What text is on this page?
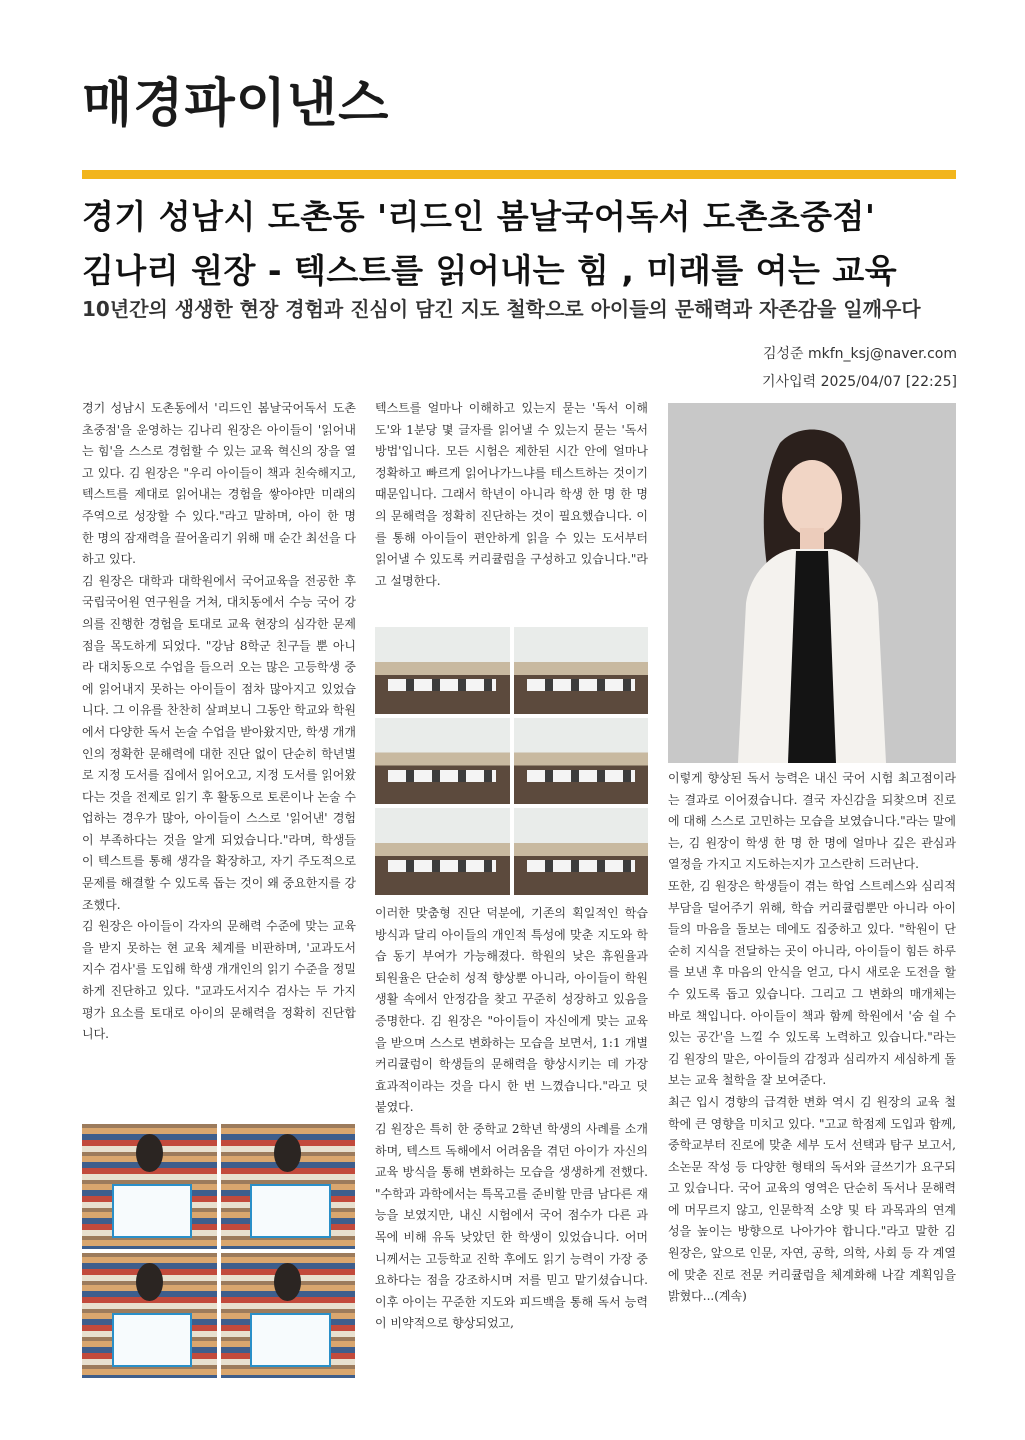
매경파이낸스
경기 성남시 도촌동 '리드인 봄날국어독서 도촌초중점'
김나리 원장 - 텍스트를 읽어내는 힘 , 미래를 여는 교육
10년간의 생생한 현장 경험과 진심이 담긴 지도 철학으로 아이들의 문해력과 자존감을 일깨우다
김성준 mkfn_ksj@naver.com
기사입력 2025/04/07 [22:25]

경기 성남시 도촌동에서 '리드인 봄날국어독서 도촌초중점'을 운영하는 김나리 원장은 아이들이 '읽어내는 힘'을 스스로 경험할 수 있는 교육 혁신의 장을 열고 있다. 김 원장은 "우리 아이들이 책과 친숙해지고, 텍스트를 제대로 읽어내는 경험을 쌓아야만 미래의 주역으로 성장할 수 있다."라고 말하며, 아이 한 명 한 명의 잠재력을 끌어올리기 위해 매 순간 최선을 다하고 있다.

김 원장은 대학과 대학원에서 국어교육을 전공한 후 국립국어원 연구원을 거쳐, 대치동에서 수능 국어 강의를 진행한 경험을 토대로 교육 현장의 심각한 문제점을 목도하게 되었다. "강남 8학군 친구들 뿐 아니라 대치동으로 수업을 들으러 오는 많은 고등학생 중에 읽어내지 못하는 아이들이 점차 많아지고 있었습니다. 그 이유를 찬찬히 살펴보니 그동안 학교와 학원에서 다양한 독서 논술 수업을 받아왔지만, 학생 개개인의 정확한 문해력에 대한 진단 없이 단순히 학년별로 지정 도서를 집에서 읽어오고, 지정 도서를 읽어왔다는 것을 전제로 읽기 후 활동으로 토론이나 논술 수업하는 경우가 많아, 아이들이 스스로 '읽어낸' 경험이 부족하다는 것을 알게 되었습니다."라며, 학생들이 텍스트를 통해 생각을 확장하고, 자기 주도적으로 문제를 해결할 수 있도록 돕는 것이 왜 중요한지를 강조했다.

김 원장은 아이들이 각자의 문해력 수준에 맞는 교육을 받지 못하는 현 교육 체계를 비판하며, '교과도서지수 검사'를 도입해 학생 개개인의 읽기 수준을 정밀하게 진단하고 있다. "교과도서지수 검사는 두 가지 평가 요소를 토대로 아이의 문해력을 정확히 진단합니다.

텍스트를 얼마나 이해하고 있는지 묻는 '독서 이해도'와 1분당 몇 글자를 읽어낼 수 있는지 묻는 '독서 방법'입니다. 모든 시험은 제한된 시간 안에 얼마나 정확하고 빠르게 읽어나가느냐를 테스트하는 것이기 때문입니다. 그래서 학년이 아니라 학생 한 명 한 명의 문해력을 정확히 진단하는 것이 필요했습니다. 이를 통해 아이들이 편안하게 읽을 수 있는 도서부터 읽어낼 수 있도록 커리큘럼을 구성하고 있습니다."라고 설명한다.

이러한 맞춤형 진단 덕분에, 기존의 획일적인 학습 방식과 달리 아이들의 개인적 특성에 맞춘 지도와 학습 동기 부여가 가능해졌다. 학원의 낮은 휴원율과 퇴원율은 단순히 성적 향상뿐 아니라, 아이들이 학원 생활 속에서 안정감을 찾고 꾸준히 성장하고 있음을 증명한다. 김 원장은 "아이들이 자신에게 맞는 교육을 받으며 스스로 변화하는 모습을 보면서, 1:1 개별 커리큘럼이 학생들의 문해력을 향상시키는 데 가장 효과적이라는 것을 다시 한 번 느꼈습니다."라고 덧붙였다.

김 원장은 특히 한 중학교 2학년 학생의 사례를 소개하며, 텍스트 독해에서 어려움을 겪던 아이가 자신의 교육 방식을 통해 변화하는 모습을 생생하게 전했다. "수학과 과학에서는 특목고를 준비할 만큼 남다른 재능을 보였지만, 내신 시험에서 국어 점수가 다른 과목에 비해 유독 낮았던 한 학생이 있었습니다. 어머니께서는 고등학교 진학 후에도 읽기 능력이 가장 중요하다는 점을 강조하시며 저를 믿고 맡기셨습니다. 이후 아이는 꾸준한 지도와 피드백을 통해 독서 능력이 비약적으로 향상되었고,

이렇게 향상된 독서 능력은 내신 국어 시험 최고점이라는 결과로 이어졌습니다. 결국 자신감을 되찾으며 진로에 대해 스스로 고민하는 모습을 보였습니다."라는 말에는, 김 원장이 학생 한 명 한 명에 얼마나 깊은 관심과 열정을 가지고 지도하는지가 고스란히 드러난다.

또한, 김 원장은 학생들이 겪는 학업 스트레스와 심리적 부담을 덜어주기 위해, 학습 커리큘럼뿐만 아니라 아이들의 마음을 돌보는 데에도 집중하고 있다. "학원이 단순히 지식을 전달하는 곳이 아니라, 아이들이 힘든 하루를 보낸 후 마음의 안식을 얻고, 다시 새로운 도전을 할 수 있도록 돕고 있습니다. 그리고 그 변화의 매개체는 바로 책입니다. 아이들이 책과 함께 학원에서 '숨 쉴 수 있는 공간'을 느낄 수 있도록 노력하고 있습니다."라는 김 원장의 말은, 아이들의 감정과 심리까지 세심하게 돌보는 교육 철학을 잘 보여준다.

최근 입시 경향의 급격한 변화 역시 김 원장의 교육 철학에 큰 영향을 미치고 있다. "고교 학점제 도입과 함께, 중학교부터 진로에 맞춘 세부 도서 선택과 탐구 보고서, 소논문 작성 등 다양한 형태의 독서와 글쓰기가 요구되고 있습니다. 국어 교육의 영역은 단순히 독서나 문해력에 머무르지 않고, 인문학적 소양 및 타 과목과의 연계성을 높이는 방향으로 나아가야 합니다."라고 말한 김 원장은, 앞으로 인문, 자연, 공학, 의학, 사회 등 각 계열에 맞춘 진로 전문 커리큘럼을 체계화해 나갈 계획임을 밝혔다...(계속)
